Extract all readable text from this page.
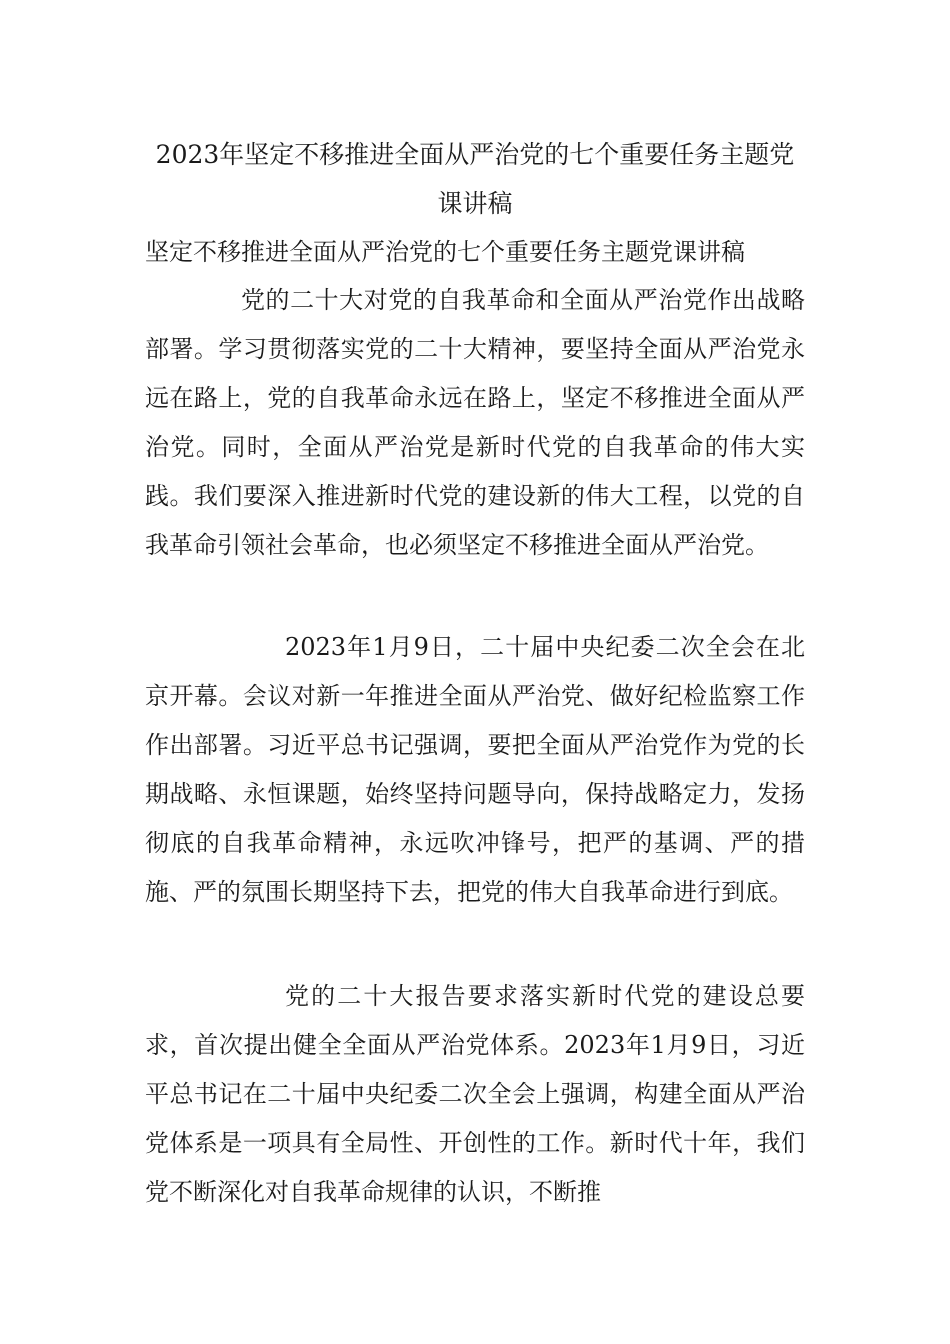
2023年坚定不移推进全面从严治党的七个重要任务主题党课讲稿

坚定不移推进全面从严治党的七个重要任务主题党课讲稿

党的二十大对党的自我革命和全面从严治党作出战略部署。学习贯彻落实党的二十大精神，要坚持全面从严治党永远在路上，党的自我革命永远在路上，坚定不移推进全面从严治党。同时，全面从严治党是新时代党的自我革命的伟大实践。我们要深入推进新时代党的建设新的伟大工程，以党的自我革命引领社会革命，也必须坚定不移推进全面从严治党。

2023年1月9日，二十届中央纪委二次全会在北京开幕。会议对新一年推进全面从严治党、做好纪检监察工作作出部署。习近平总书记强调，要把全面从严治党作为党的长期战略、永恒课题，始终坚持问题导向，保持战略定力，发扬彻底的自我革命精神，永远吹冲锋号，把严的基调、严的措施、严的氛围长期坚持下去，把党的伟大自我革命进行到底。

党的二十大报告要求落实新时代党的建设总要求，首次提出健全全面从严治党体系。2023年1月9日，习近平总书记在二十届中央纪委二次全会上强调，构建全面从严治党体系是一项具有全局性、开创性的工作。新时代十年，我们党不断深化对自我革命规律的认识，不断推
